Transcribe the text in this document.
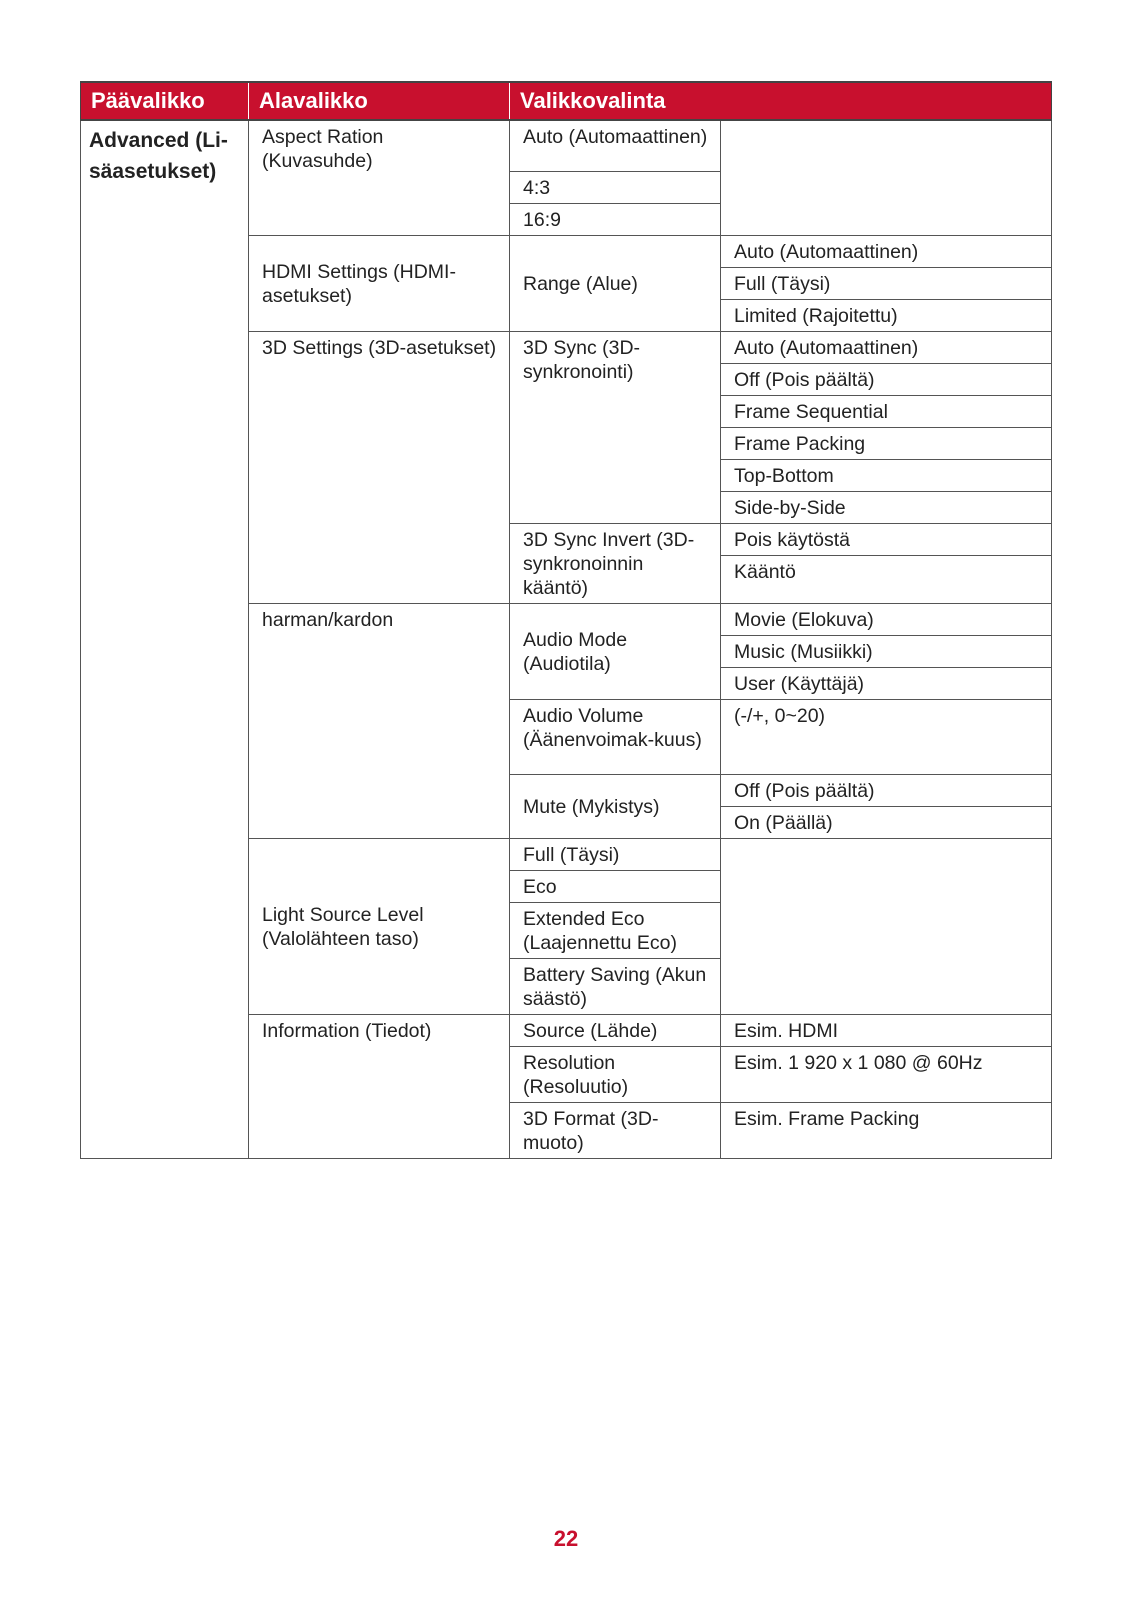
Päävalikko	Alavalikko	Valikkovalinta	
Advanced (Li-säasetukset)	Aspect Ration (Kuvasuhde)	Auto (Automaattinen)	
		4:3	
		16:9	
	HDMI Settings (HDMI-asetukset)	Range (Alue)	Auto (Automaattinen)
			Full (Täysi)
			Limited (Rajoitettu)
	3D Settings (3D-asetukset)	3D Sync (3D-synkronointi)	Auto (Automaattinen)
			Off (Pois päältä)
			Frame Sequential
			Frame Packing
			Top-Bottom
			Side-by-Side
		3D Sync Invert (3D-synkronoinnin kääntö)	Pois käytöstä
			Kääntö
	harman/kardon	Audio Mode (Audiotila)	Movie (Elokuva)
			Music (Musiikki)
			User (Käyttäjä)
		Audio Volume (Äänenvoimak-kuus)	(-/+, 0~20)
		Mute (Mykistys)	Off (Pois päältä)
			On (Päällä)

	Light Source Level (Valolähteen taso)	Full (Täysi)	
		Eco	
		Extended Eco (Laajennettu Eco)	
		Battery Saving (Akun säästö)	
	Information (Tiedot)	Source (Lähde)	Esim. HDMI
		Resolution (Resoluutio)	Esim. 1 920 x 1 080 @ 60Hz
		3D Format (3D-muoto)	Esim. Frame Packing
22
